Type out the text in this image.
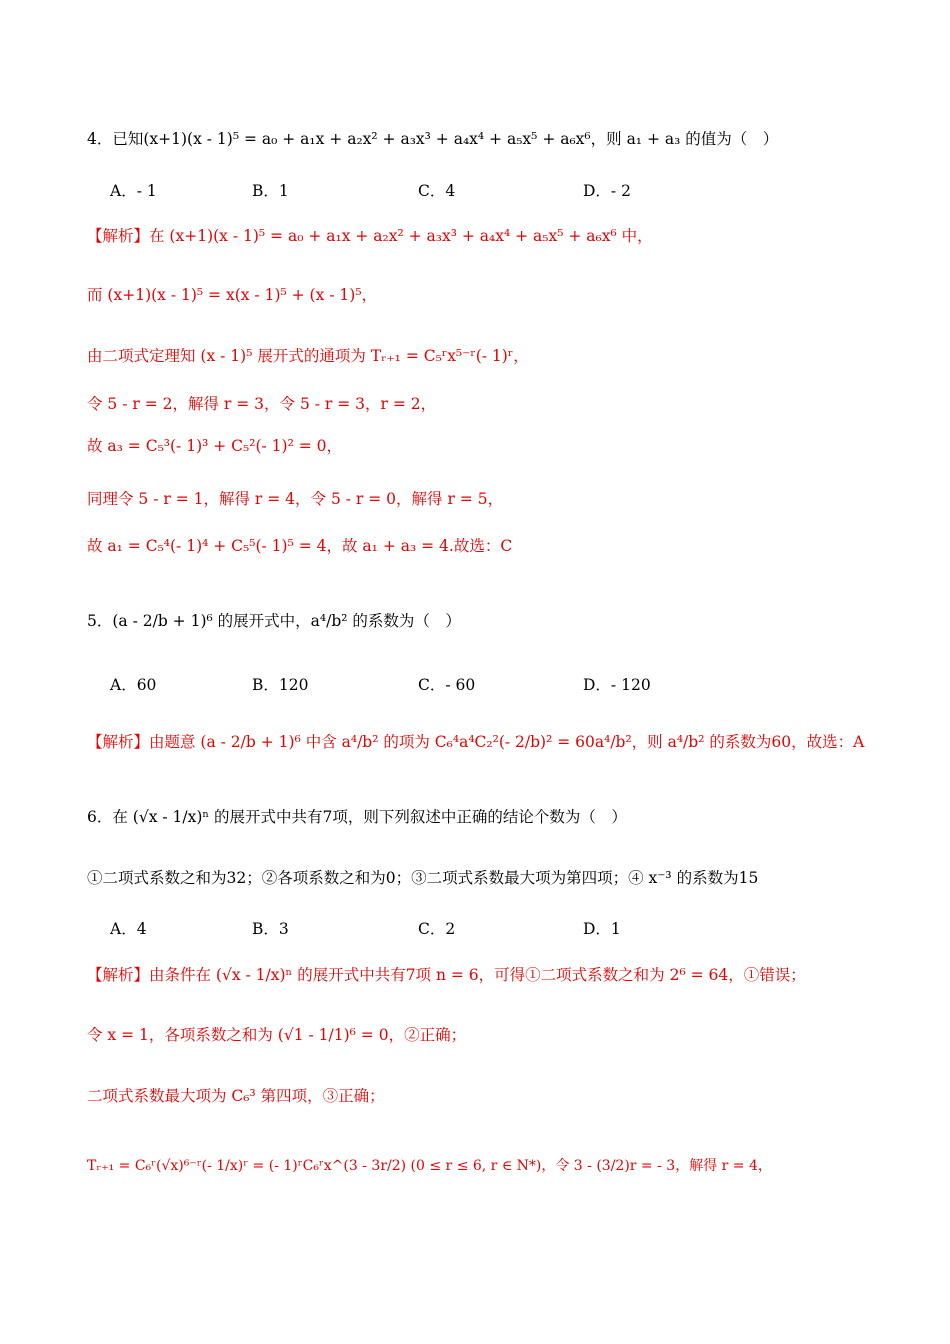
4．已知(x+1)(x - 1)⁵ = a₀ + a₁x + a₂x² + a₃x³ + a₄x⁴ + a₅x⁵ + a₆x⁶，则 a₁ + a₃ 的值为（　）
A．- 1	B．1	C．4	D．- 2
【解析】在 (x+1)(x - 1)⁵ = a₀ + a₁x + a₂x² + a₃x³ + a₄x⁴ + a₅x⁵ + a₆x⁶ 中，
而 (x+1)(x - 1)⁵ = x(x - 1)⁵ + (x - 1)⁵，
由二项式定理知 (x - 1)⁵ 展开式的通项为 Tᵣ₊₁ = C₅ʳx⁵⁻ʳ(- 1)ʳ，
令 5 - r = 2，解得 r = 3，令 5 - r = 3，r = 2，
故 a₃ = C₅³(- 1)³ + C₅²(- 1)² = 0，
同理令 5 - r = 1，解得 r = 4，令 5 - r = 0，解得 r = 5，
故 a₁ = C₅⁴(- 1)⁴ + C₅⁵(- 1)⁵ = 4，故 a₁ + a₃ = 4.故选：C
5．(a - 2/b + 1)⁶ 的展开式中，a⁴/b² 的系数为（　）
A．60	B．120	C．- 60	D．- 120
【解析】由题意 (a - 2/b + 1)⁶ 中含 a⁴/b² 的项为 C₆⁴a⁴C₂²(- 2/b)² = 60a⁴/b²，则 a⁴/b² 的系数为60，故选：A
6．在 (√x - 1/x)ⁿ 的展开式中共有7项，则下列叙述中正确的结论个数为（　）
①二项式系数之和为32；②各项系数之和为0；③二项式系数最大项为第四项；④ x⁻³ 的系数为15
A．4	B．3	C．2	D．1
【解析】由条件在 (√x - 1/x)ⁿ 的展开式中共有7项 n = 6，可得①二项式系数之和为 2⁶ = 64，①错误；
令 x = 1，各项系数之和为 (√1 - 1/1)⁶ = 0，②正确；
二项式系数最大项为 C₆³ 第四项，③正确；
Tᵣ₊₁ = C₆ʳ(√x)⁶⁻ʳ(- 1/x)ʳ = (- 1)ʳC₆ʳx^(3 - 3r/2) (0 ≤ r ≤ 6, r ∈ N*)，令 3 - (3/2)r = - 3，解得 r = 4，
